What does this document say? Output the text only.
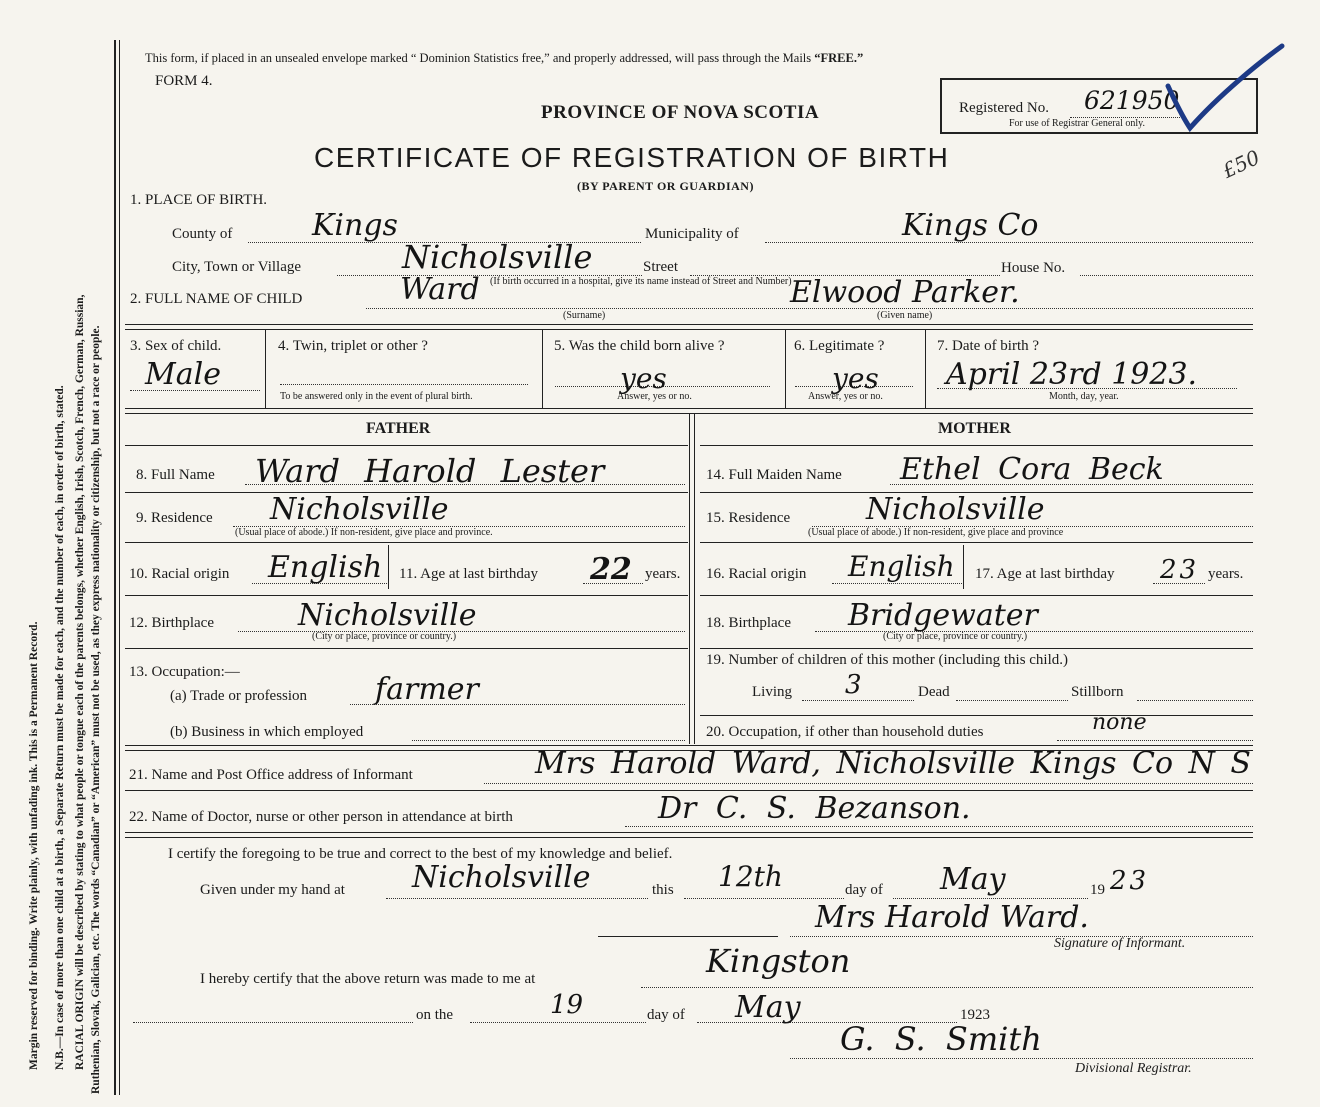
Margin reserved for binding. Write plainly, with unfading ink. This is a Permanent Record. N.B.—In case of more than one child at a birth, a Separate Return must be made for each, and the number of each, in order of birth, stated. RACIAL ORIGIN will be described by stating to what people or tongue each of the parents belongs, whether English, Irish, Scotch, French, German, Russian, Ruthenian, Slovak, Galician, etc. The words “Canadian” or “American” must not be used, as they express nationality or citizenship, but not a race or people.
This form, if placed in an unsealed envelope marked “ Dominion Statistics free,” and properly addressed, will pass through the Mails “FREE.”
FORM 4.
PROVINCE OF NOVA SCOTIA
CERTIFICATE OF REGISTRATION OF BIRTH
(BY PARENT OR GUARDIAN)
Registered No. 621950
For use of Registrar General only.
£50
1. PLACE OF BIRTH.
County of	Kings	Municipality of	Kings Co
City, Town or Village	Nicholsville	Street	House No.
(If birth occurred in a hospital, give its name instead of Street and Number)
2. FULL NAME OF CHILD	Ward	Elwood Parker.
(Surname)	(Given name)
3. Sex of child.
Male
4. Twin, triplet or other ?
To be answered only in the event of plural birth.
5. Was the child born alive ?
yes
Answer, yes or no.
6. Legitimate ?
yes
Answer, yes or no.
7. Date of birth ?
April 23rd 1923.
Month, day, year.
FATHER	MOTHER
8. Full Name Ward Harold Lester
9. Residence Nicholsville
(Usual place of abode.) If non-resident, give place and province.
10. Racial origin English 11. Age at last birthday 22 years.
12. Birthplace	Nicholsville
(City or place, province or country.)
13. Occupation:—
(a) Trade or profession farmer
(b) Business in which employed
14. Full Maiden Name Ethel Cora Beck
15. Residence	Nicholsville
(Usual place of abode.) If non-resident, give place and province
16. Racial origin English 17. Age at last birthday 23 years.
18. Birthplace Bridgewater
(City or place, province or country.)
19. Number of children of this mother (including this child.)
Living 3	Dead	Stillborn
20. Occupation, if other than household duties	none
21. Name and Post Office address of Informant	Mrs Harold Ward, Nicholsville Kings Co N S
22. Name of Doctor, nurse or other person in attendance at birth	Dr C. S. Bezanson.
I certify the foregoing to be true and correct to the best of my knowledge and belief.
Given under my hand at Nicholsville	this 12th	day of May	19 23
Mrs Harold Ward.
Signature of Informant.
I hereby certify that the above return was made to me at	Kingston
on the	19	day of May	1923
G. S. Smith
Divisional Registrar.
